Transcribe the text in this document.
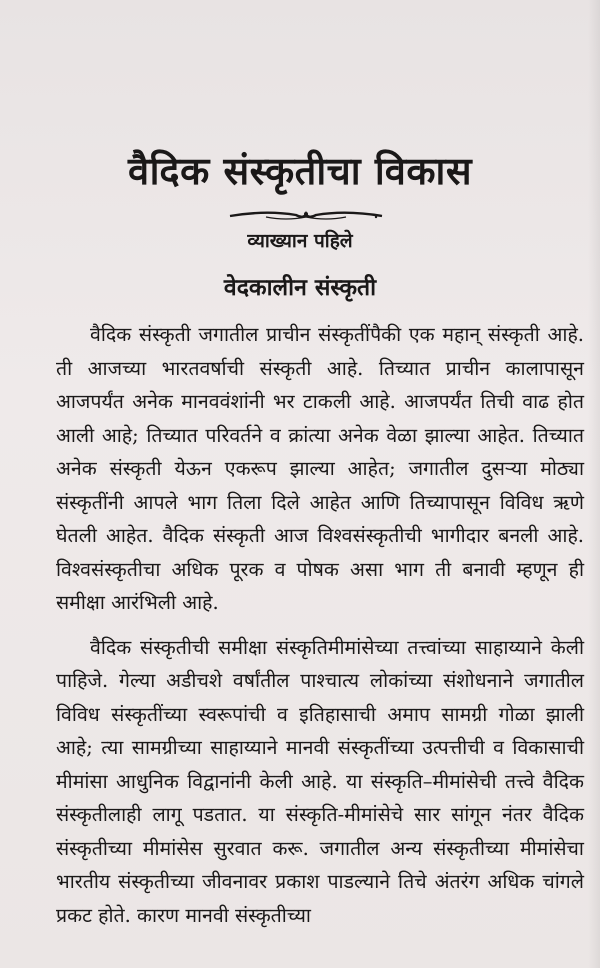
वैदिक संस्कृतीचा विकास
व्याख्यान पहिले
वेदकालीन संस्कृती

वैदिक संस्कृती जगातील प्राचीन संस्कृतींपैकी एक महान् संस्कृती आहे. ती आजच्या भारतवर्षाची संस्कृती आहे. तिच्यात प्राचीन कालापासून आजपर्यंत अनेक मानववंशांनी भर टाकली आहे. आजपर्यंत तिची वाढ होत आली आहे; तिच्यात परिवर्तने व क्रांत्या अनेक वेळा झाल्या आहेत. तिच्यात अनेक संस्कृती येऊन एकरूप झाल्या आहेत; जगातील दुसऱ्या मोठ्या संस्कृतींनी आपले भाग तिला दिले आहेत आणि तिच्यापासून विविध ऋणे घेतली आहेत. वैदिक संस्कृती आज विश्वसंस्कृतीची भागीदार बनली आहे. विश्वसंस्कृतीचा अधिक पूरक व पोषक असा भाग ती बनावी म्हणून ही समीक्षा आरंभिली आहे.

वैदिक संस्कृतीची समीक्षा संस्कृतिमीमांसेच्या तत्त्वांच्या साहाय्याने केली पाहिजे. गेल्या अडीचशे वर्षांतील पाश्चात्य लोकांच्या संशोधनाने जगातील विविध संस्कृतींच्या स्वरूपांची व इतिहासाची अमाप सामग्री गोळा झाली आहे; त्या सामग्रीच्या साहाय्याने मानवी संस्कृतींच्या उत्पत्तीची व विकासाची मीमांसा आधुनिक विद्वानांनी केली आहे. या संस्कृति–मीमांसेची तत्त्वे वैदिक संस्कृतीलाही लागू पडतात. या संस्कृति-मीमांसेचे सार सांगून नंतर वैदिक संस्कृतीच्या मीमांसेस सुरवात करू. जगातील अन्य संस्कृतीच्या मीमांसेचा भारतीय संस्कृतीच्या जीवनावर प्रकाश पाडल्याने तिचे अंतरंग अधिक चांगले प्रकट होते. कारण मानवी संस्कृतीच्या
